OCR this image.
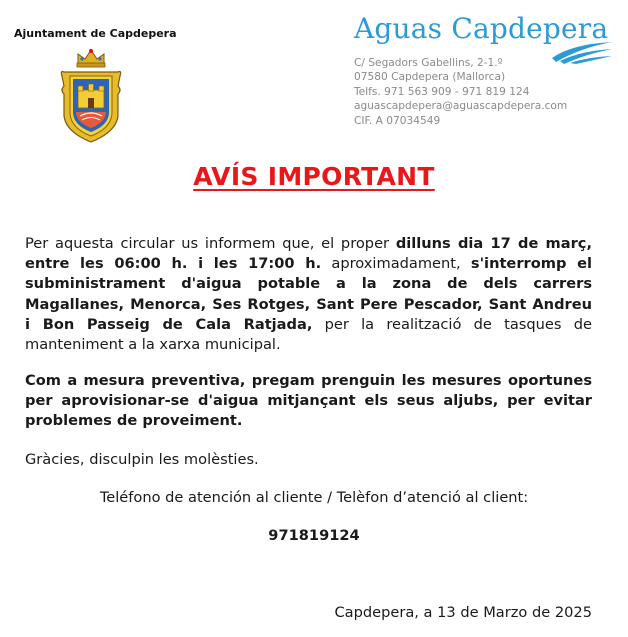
Ajuntament de Capdepera	Aguas Capdepera
C/ Segadors Gabellins, 2-1.º
07580 Capdepera (Mallorca)
Telfs. 971 563 909 - 971 819 124
aguascapdepera@aguascapdepera.com
CIF. A 07034549
AVÍS IMPORTANT
Per aquesta circular us informem que, el proper dilluns dia 17 de març, entre les 06:00 h. i les 17:00 h. aproximadament, s'interromp el subministrament d'aigua potable a la zona de dels carrers Magallanes, Menorca, Ses Rotges, Sant Pere Pescador, Sant Andreu i Bon Passeig de Cala Ratjada, per la realització de tasques de manteniment a la xarxa municipal.
Com a mesura preventiva, pregam prenguin les mesures oportunes per aprovisionar-se d'aigua mitjançant els seus aljubs, per evitar problemes de proveiment.
Gràcies, disculpin les molèsties.
Teléfono de atención al cliente / Telèfon d’atenció al client:
971819124
Capdepera, a 13 de Marzo de 2025
